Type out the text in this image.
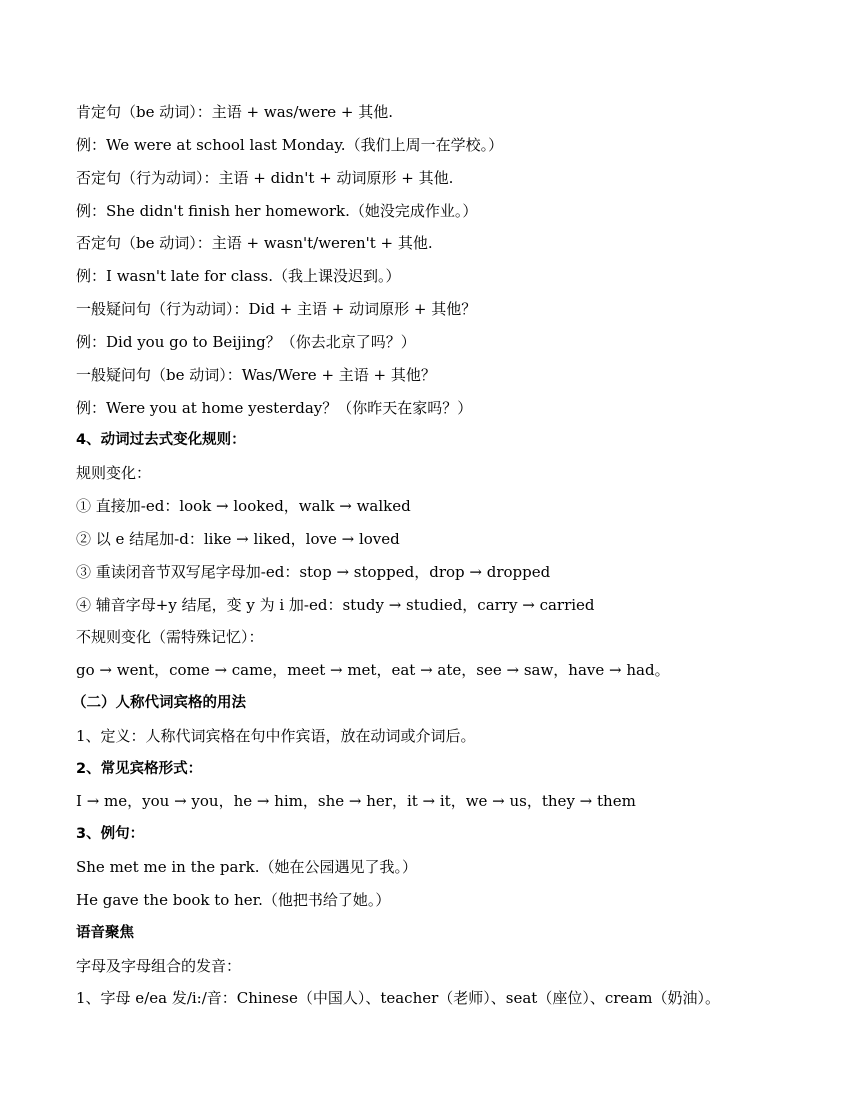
肯定句（be 动词）：主语 + was/were + 其他.
例：We were at school last Monday.（我们上周一在学校。）
否定句（行为动词）：主语 + didn't + 动词原形 + 其他.
例：She didn't finish her homework.（她没完成作业。）
否定句（be 动词）：主语 + wasn't/weren't + 其他.
例：I wasn't late for class.（我上课没迟到。）
一般疑问句（行为动词）：Did + 主语 + 动词原形 + 其他？
例：Did you go to Beijing？（你去北京了吗？）
一般疑问句（be 动词）：Was/Were + 主语 + 其他？
例：Were you at home yesterday？（你昨天在家吗？）
4、动词过去式变化规则：
规则变化：
① 直接加-ed：look → looked，walk → walked
② 以 e 结尾加-d：like → liked，love → loved
③ 重读闭音节双写尾字母加-ed：stop → stopped，drop → dropped
④ 辅音字母+y 结尾，变 y 为 i 加-ed：study → studied，carry → carried
不规则变化（需特殊记忆）：
go → went，come → came，meet → met，eat → ate，see → saw，have → had。
（二）人称代词宾格的用法
1、定义：人称代词宾格在句中作宾语，放在动词或介词后。
2、常见宾格形式：
I → me，you → you，he → him，she → her，it → it，we → us，they → them
3、例句：
She met me in the park.（她在公园遇见了我。）
He gave the book to her.（他把书给了她。）
语音聚焦
字母及字母组合的发音：
1、字母 e/ea 发/i:/音：Chinese（中国人）、teacher（老师）、seat（座位）、cream（奶油）。
